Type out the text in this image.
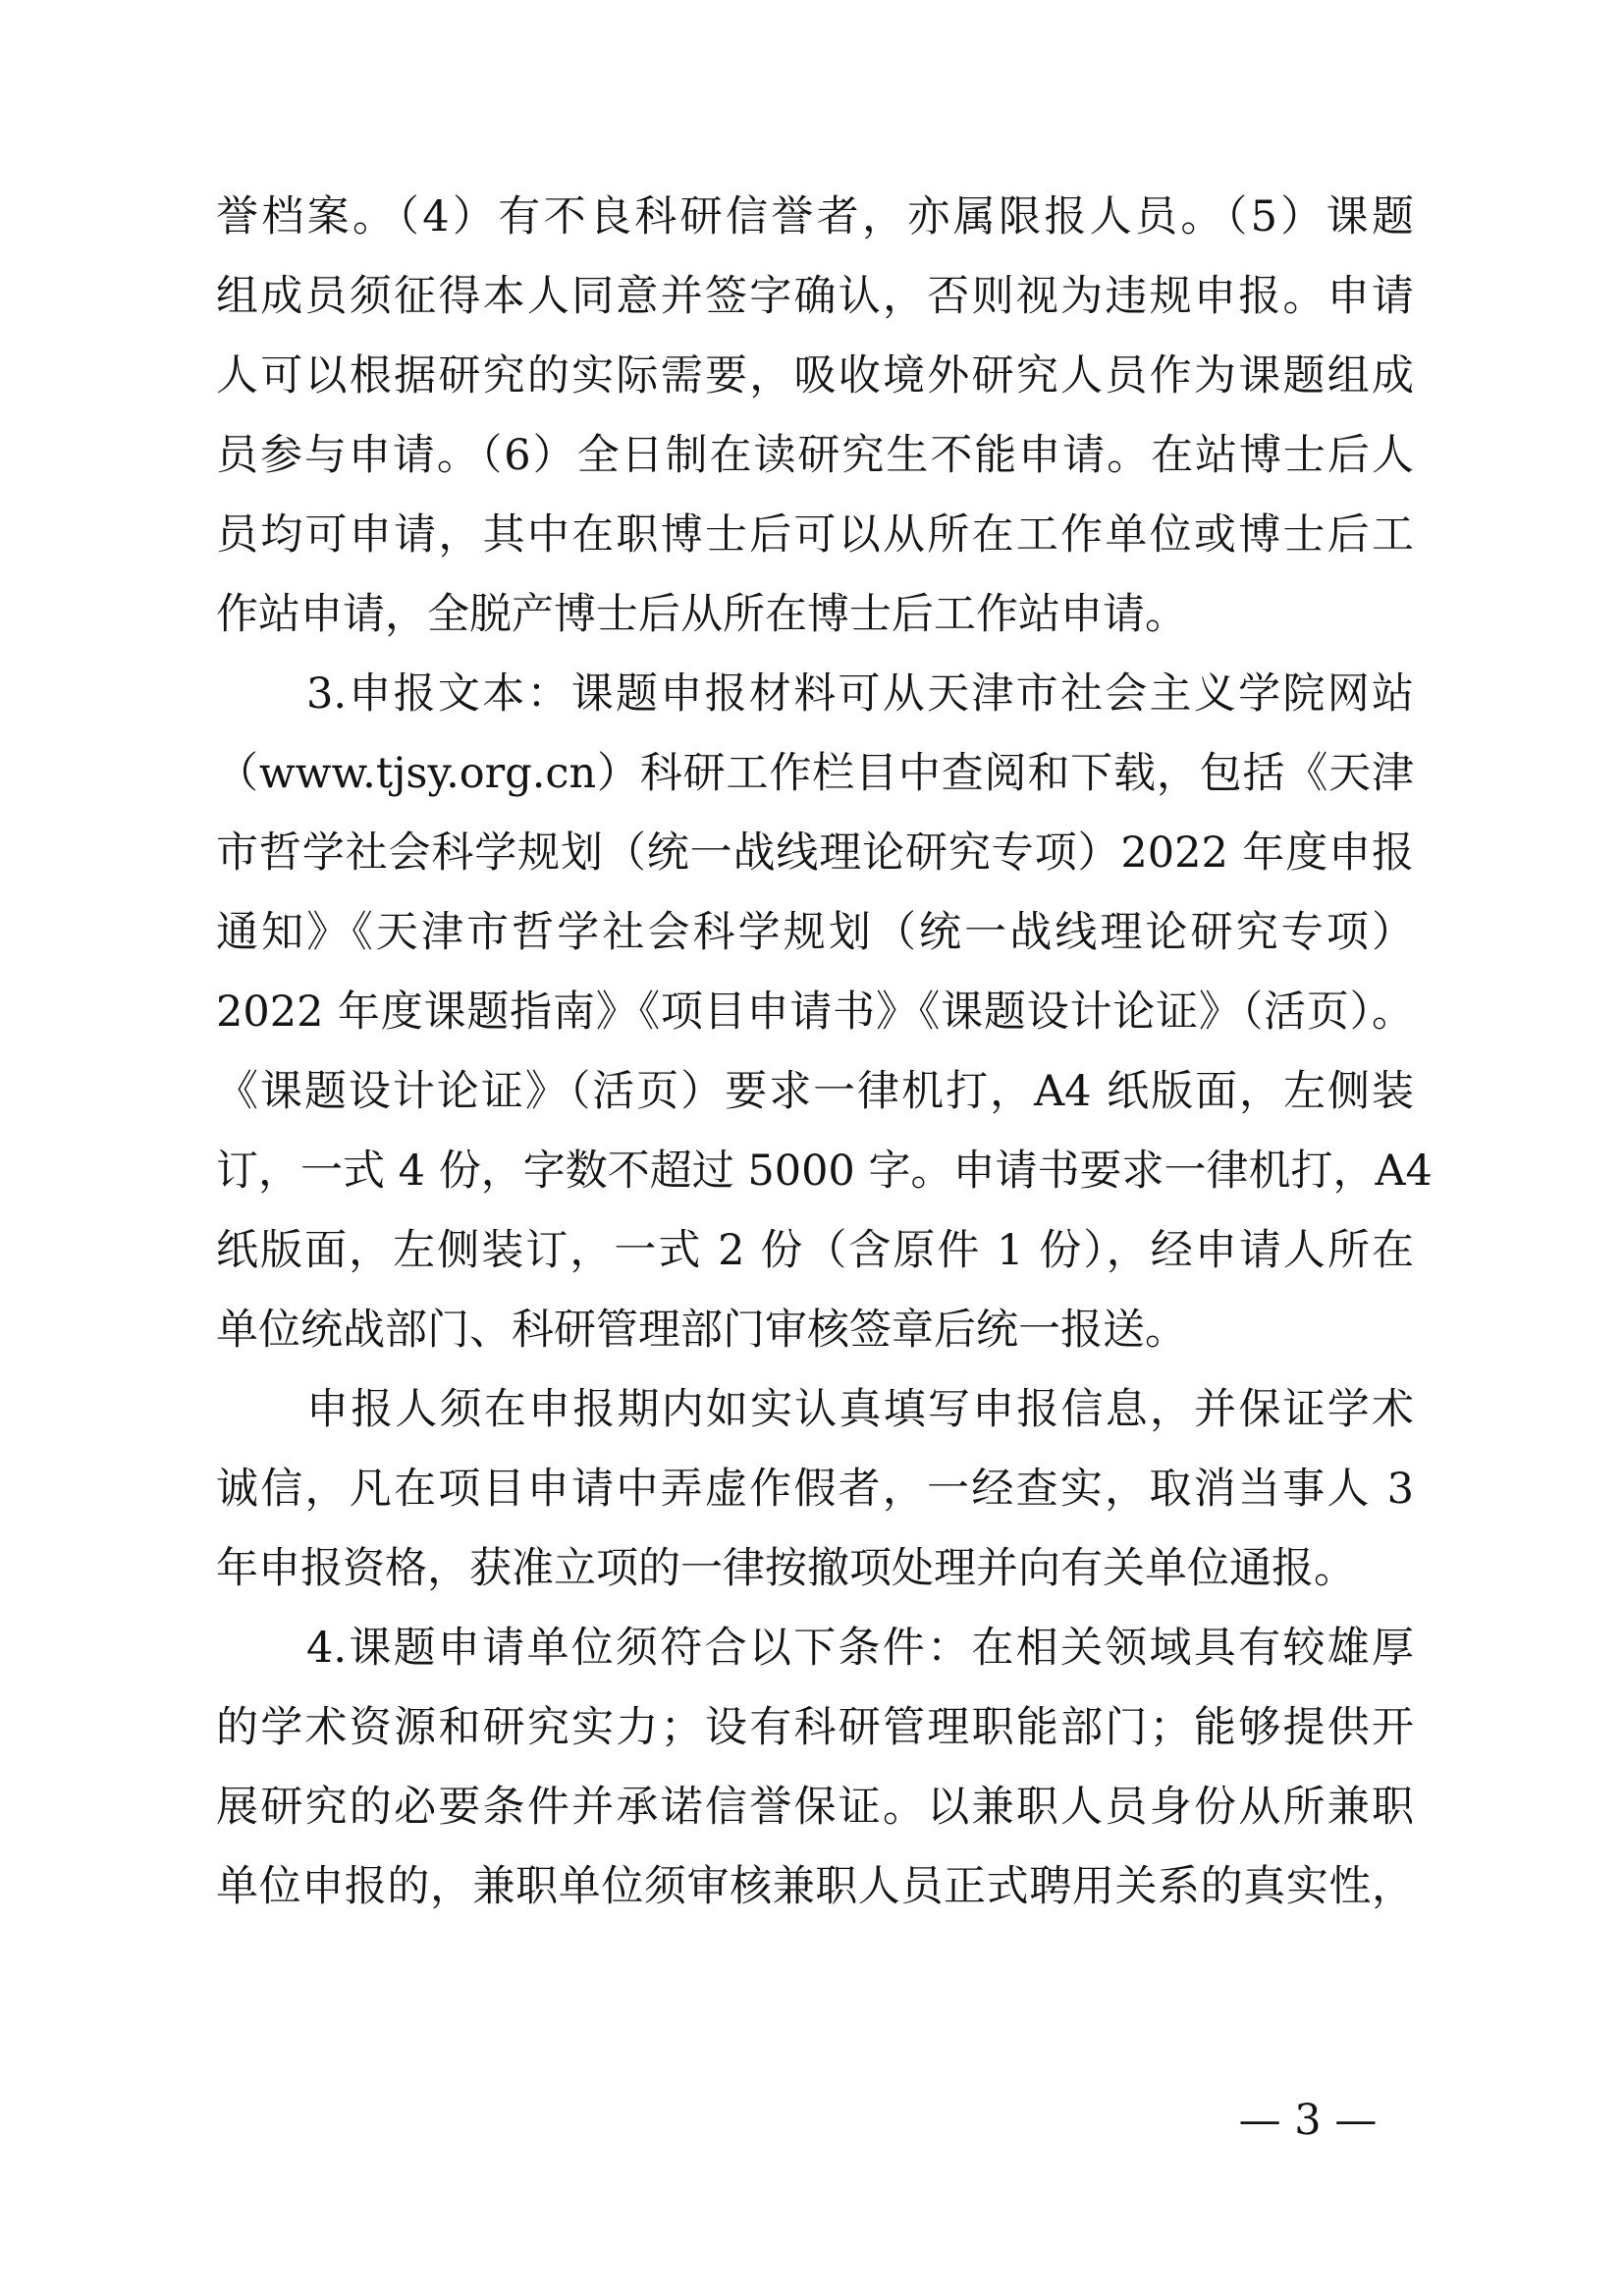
誉档案。（4）有不良科研信誉者，亦属限报人员。（5）课题
组成员须征得本人同意并签字确认，否则视为违规申报。申请
人可以根据研究的实际需要，吸收境外研究人员作为课题组成
员参与申请。（6）全日制在读研究生不能申请。在站博士后人
员均可申请，其中在职博士后可以从所在工作单位或博士后工
作站申请，全脱产博士后从所在博士后工作站申请。
3.申报文本：课题申报材料可从天津市社会主义学院网站
（www.tjsy.org.cn）科研工作栏目中查阅和下载，包括《天津
市哲学社会科学规划（统一战线理论研究专项）2022 年度申报
通知》《天津市哲学社会科学规划（统一战线理论研究专项）
2022 年度课题指南》《项目申请书》《课题设计论证》（活页）。
《课题设计论证》（活页）要求一律机打，A4 纸版面，左侧装
订，一式 4 份，字数不超过 5000 字。申请书要求一律机打，A4
纸版面，左侧装订，一式 2 份（含原件 1 份），经申请人所在
单位统战部门、科研管理部门审核签章后统一报送。
申报人须在申报期内如实认真填写申报信息，并保证学术
诚信，凡在项目申请中弄虚作假者，一经查实，取消当事人 3
年申报资格，获准立项的一律按撤项处理并向有关单位通报。
4.课题申请单位须符合以下条件：在相关领域具有较雄厚
的学术资源和研究实力；设有科研管理职能部门；能够提供开
展研究的必要条件并承诺信誉保证。以兼职人员身份从所兼职
单位申报的，兼职单位须审核兼职人员正式聘用关系的真实性，
— 3 —
